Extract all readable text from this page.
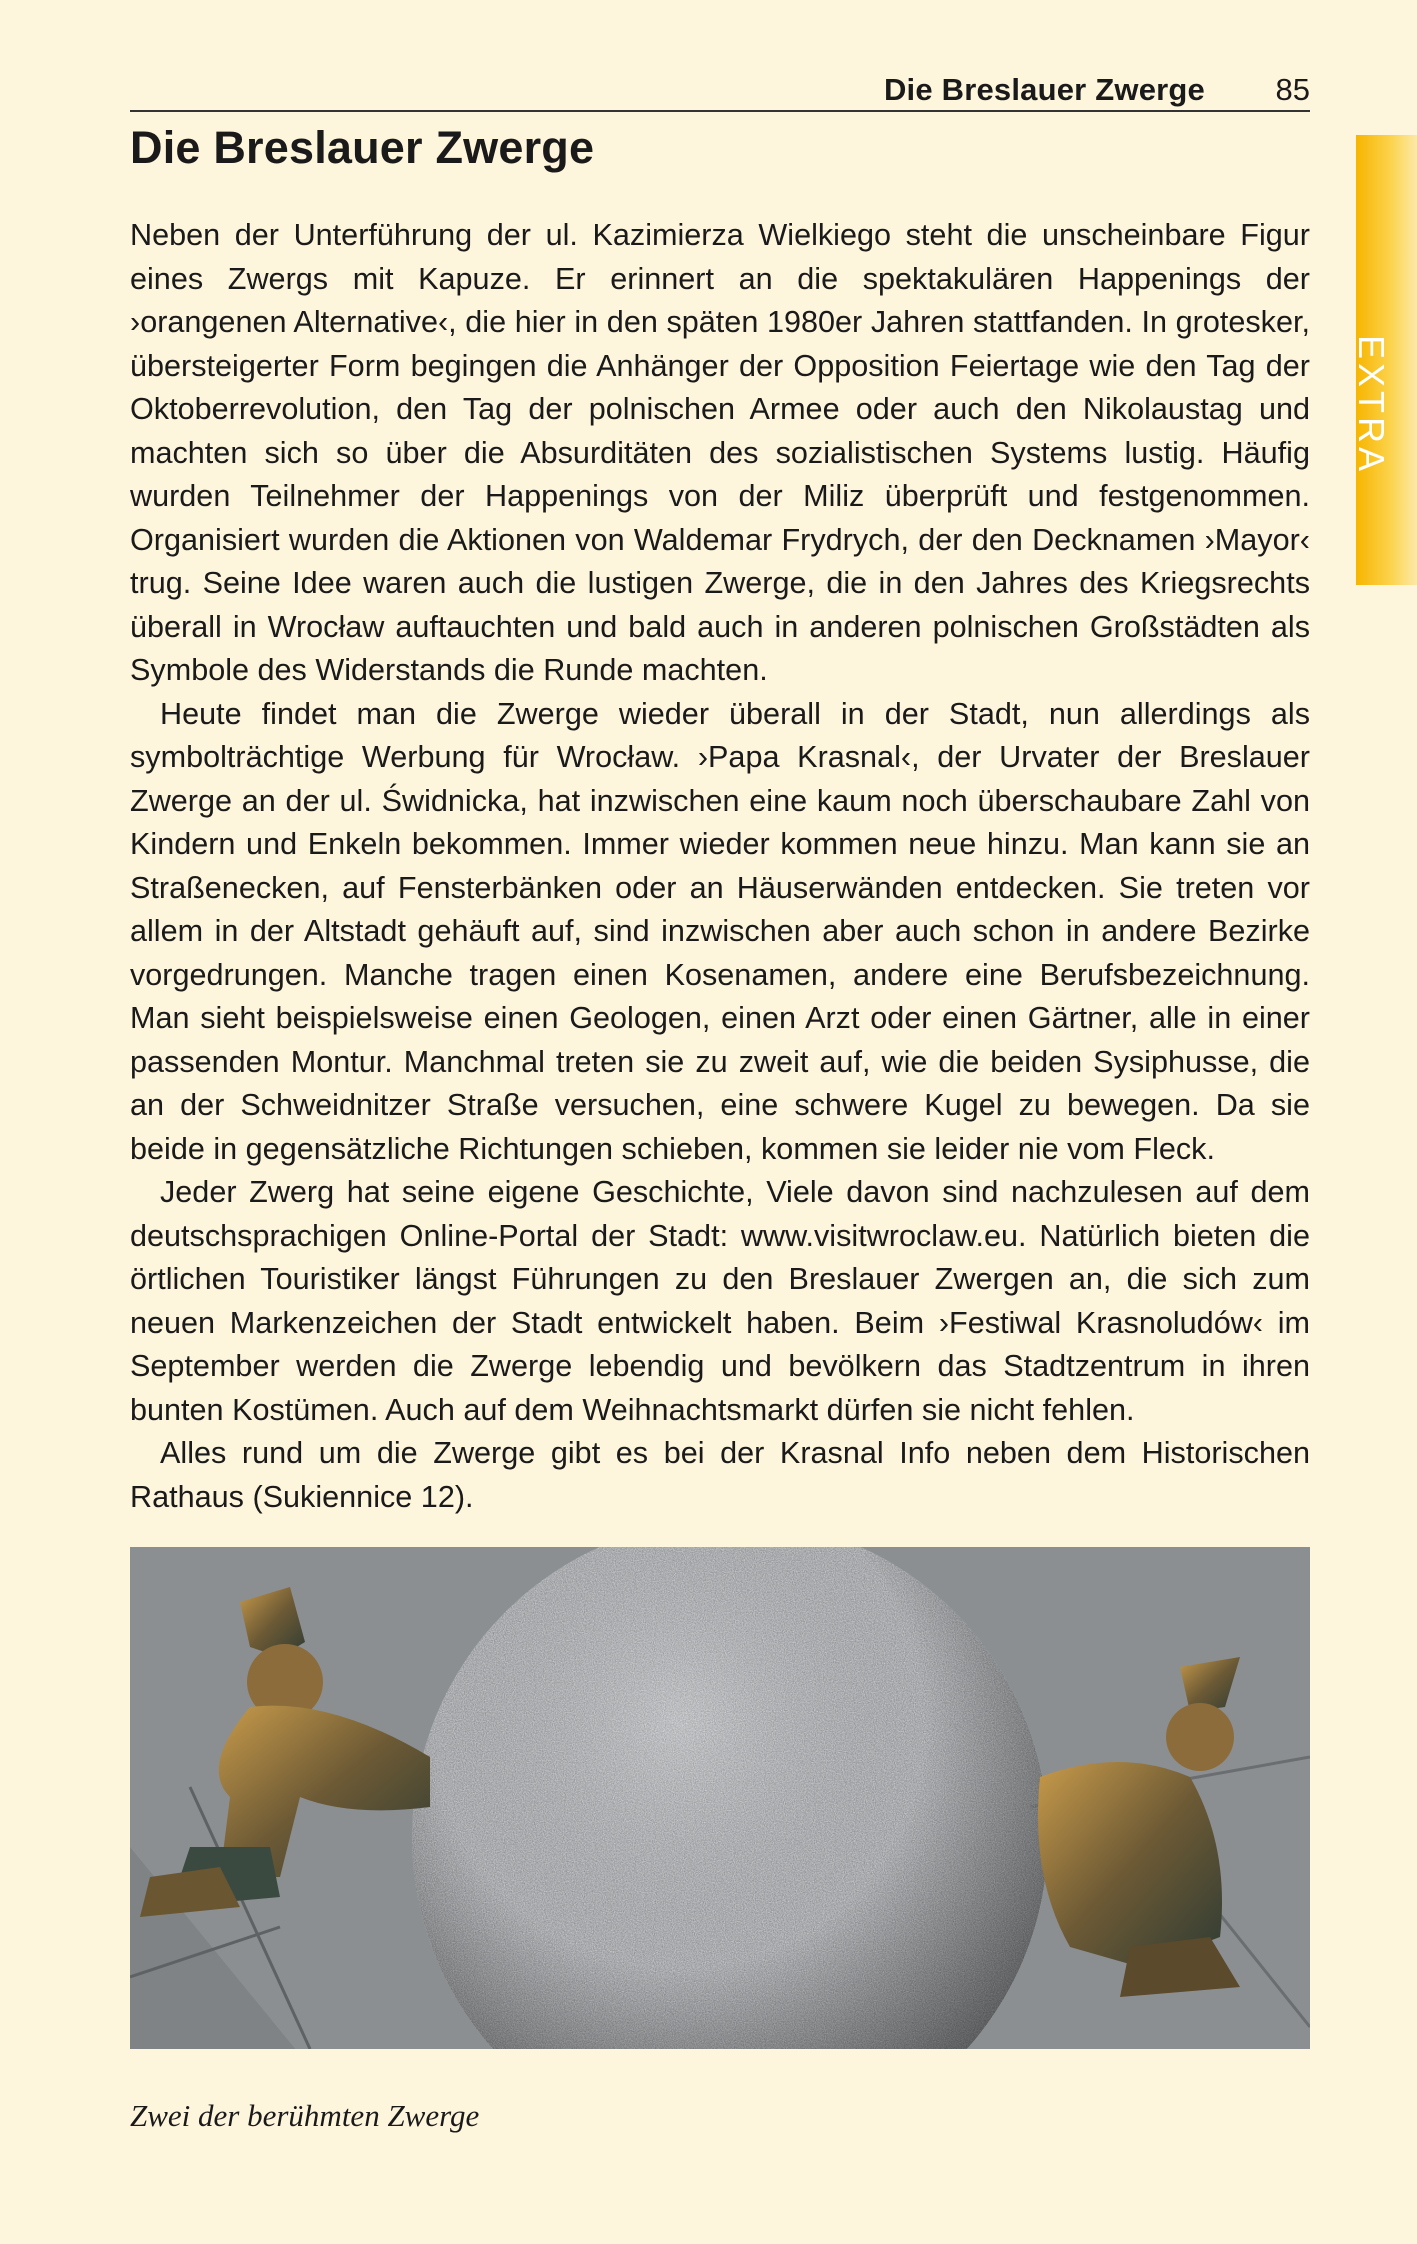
Die Breslauer Zwerge 85
EXTRA
Die Breslauer Zwerge

Neben der Unterführung der ul. Kazimierza Wielkiego steht die unscheinbare Figur eines Zwergs mit Kapuze. Er erinnert an die spektakulären Happenings der ›orangenen Alternative‹, die hier in den späten 1980er Jahren stattfanden. In grotesker, übersteigerter Form begingen die Anhänger der Opposition Feiertage wie den Tag der Oktoberrevolution, den Tag der polnischen Armee oder auch den Nikolaustag und machten sich so über die Absurditäten des sozialistischen Systems lustig. Häufig wurden Teilnehmer der Happenings von der Miliz überprüft und festgenommen. Organisiert wurden die Aktionen von Waldemar Frydrych, der den Decknamen ›Mayor‹ trug. Seine Idee waren auch die lustigen Zwerge, die in den Jahres des Kriegsrechts überall in Wrocław auftauchten und bald auch in anderen polnischen Großstädten als Symbole des Widerstands die Runde machten.

Heute findet man die Zwerge wieder überall in der Stadt, nun allerdings als symbolträchtige Werbung für Wrocław. ›Papa Krasnal‹, der Urvater der Breslauer Zwerge an der ul. Świdnicka, hat inzwischen eine kaum noch überschaubare Zahl von Kindern und Enkeln bekommen. Immer wieder kommen neue hinzu. Man kann sie an Straßenecken, auf Fensterbänken oder an Häuserwänden entdecken. Sie treten vor allem in der Altstadt gehäuft auf, sind inzwischen aber auch schon in andere Bezirke vorgedrungen. Manche tragen einen Kosenamen, andere eine Berufsbezeichnung. Man sieht beispielsweise einen Geologen, einen Arzt oder einen Gärtner, alle in einer passenden Montur. Manchmal treten sie zu zweit auf, wie die beiden Sysiphusse, die an der Schweidnitzer Straße versuchen, eine schwere Kugel zu bewegen. Da sie beide in gegensätzliche Richtungen schieben, kommen sie leider nie vom Fleck.

Jeder Zwerg hat seine eigene Geschichte, Viele davon sind nachzulesen auf dem deutschsprachigen Online-Portal der Stadt: www.visitwroclaw.eu. Natürlich bieten die örtlichen Touristiker längst Führungen zu den Breslauer Zwergen an, die sich zum neuen Markenzeichen der Stadt entwickelt haben. Beim ›Festiwal Krasnoludów‹ im September werden die Zwerge lebendig und bevölkern das Stadtzentrum in ihren bunten Kostümen. Auch auf dem Weihnachtsmarkt dürfen sie nicht fehlen.

Alles rund um die Zwerge gibt es bei der Krasnal Info neben dem Historischen Rathaus (Sukiennice 12).

Zwei der berühmten Zwerge
